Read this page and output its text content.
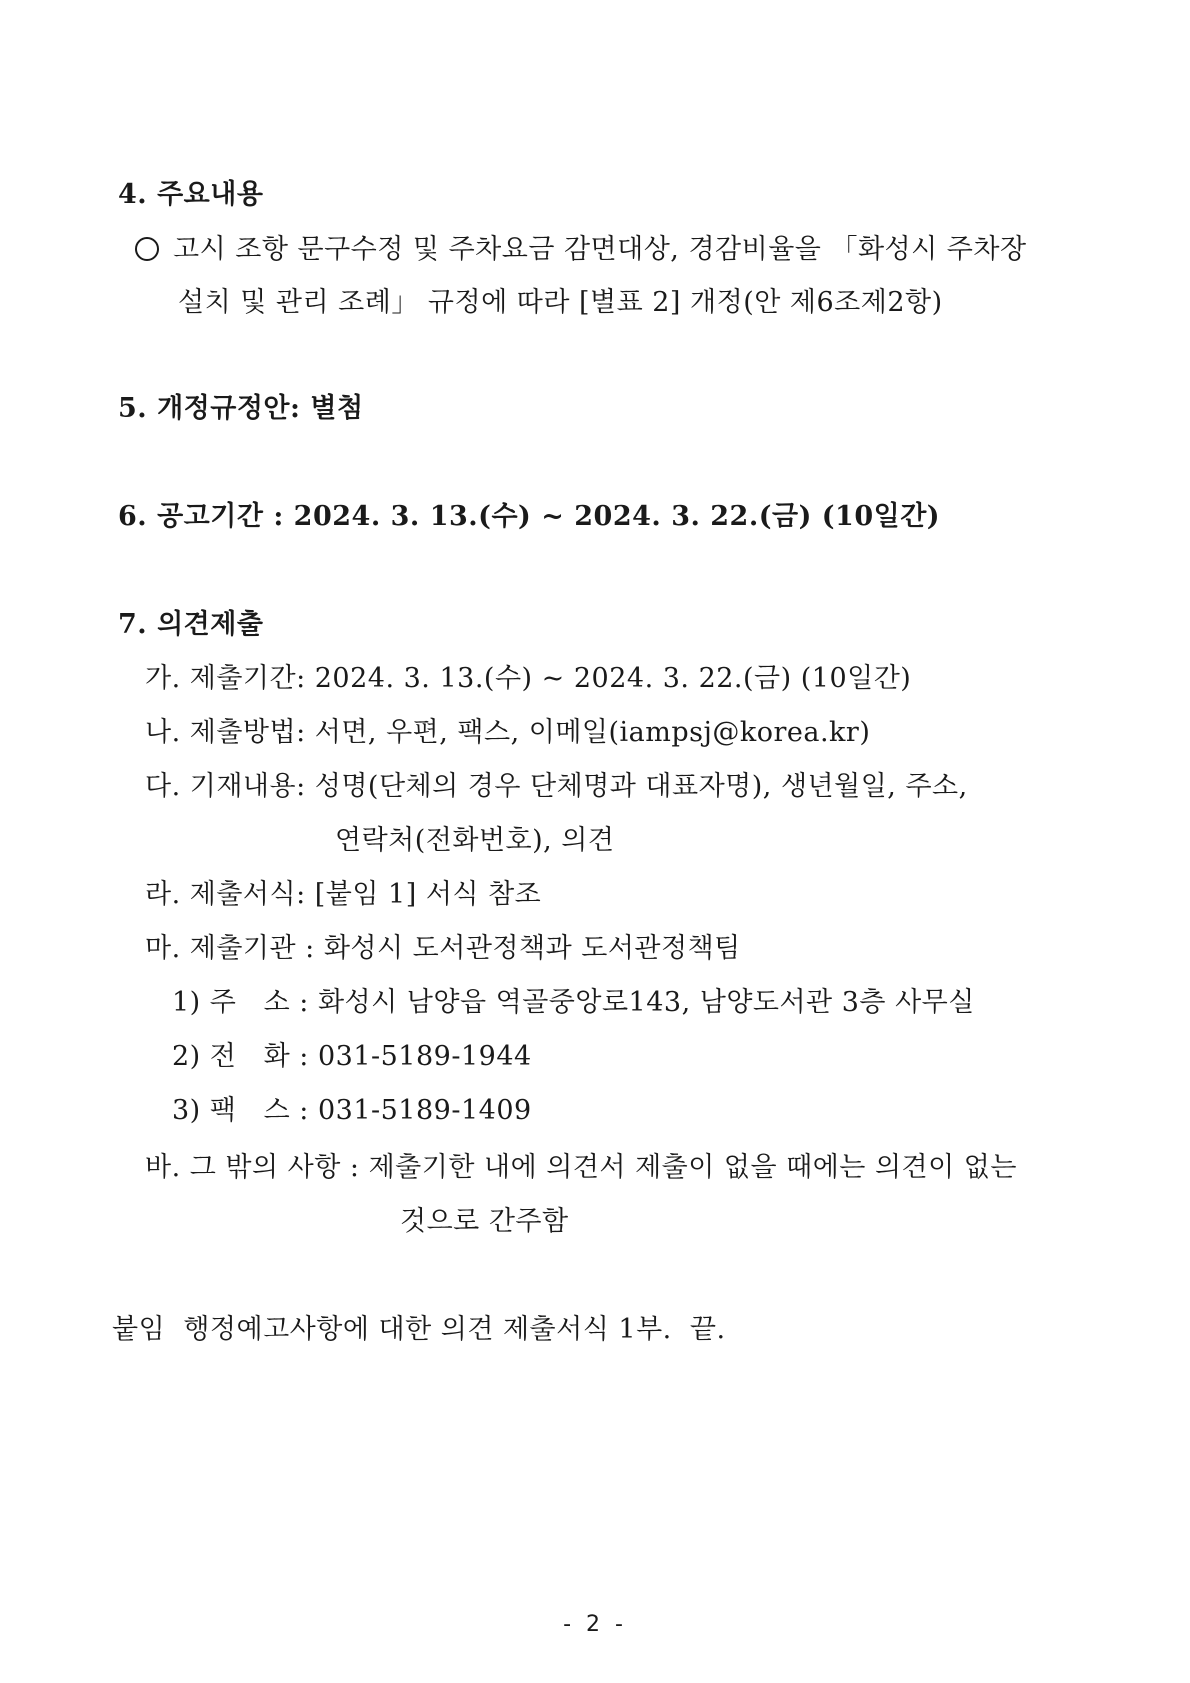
4. 주요내용
고시 조항 문구수정 및 주차요금 감면대상, 경감비율을 「화성시 주차장
설치 및 관리 조례」 규정에 따라 [별표 2] 개정(안 제6조제2항)
5. 개정규정안: 별첨
6. 공고기간 : 2024. 3. 13.(수) ~ 2024. 3. 22.(금) (10일간)
7. 의견제출
가. 제출기간: 2024. 3. 13.(수) ~ 2024. 3. 22.(금) (10일간)
나. 제출방법: 서면, 우편, 팩스, 이메일(iampsj@korea.kr)
다. 기재내용: 성명(단체의 경우 단체명과 대표자명), 생년월일, 주소,
연락처(전화번호), 의견
라. 제출서식: [붙임 1] 서식 참조
마. 제출기관 : 화성시 도서관정책과 도서관정책팀
1) 주   소 : 화성시 남양읍 역골중앙로143, 남양도서관 3층 사무실
2) 전   화 : 031-5189-1944
3) 팩   스 : 031-5189-1409
바. 그 밖의 사항 : 제출기한 내에 의견서 제출이 없을 때에는 의견이 없는
것으로 간주함
붙임  행정예고사항에 대한 의견 제출서식 1부.  끝.
- 2 -
